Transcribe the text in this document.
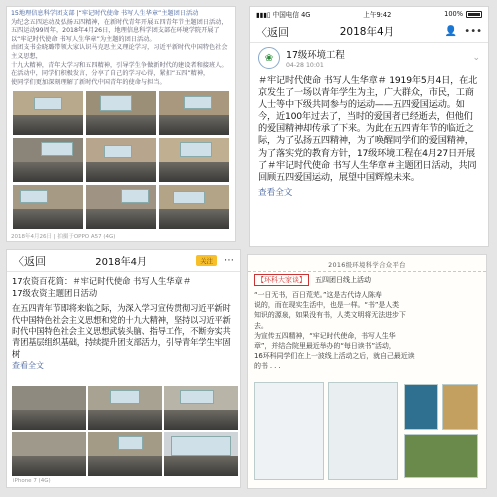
15地理信息科学团支部 |“牢记时代使命 书写人生华章”主题团日活动
为纪念五四运动及弘扬五四精神，在新时代青年开展五四青年节主题团日活动，
五四运动99周年，2018年4月26日，地理信息科学团支部在环境学院开展了
以“牢记时代使命 书写人生华章”为主题的团日活动。
由团支书金晓璐带领大家认识马克思主义理论学习，习近平新时代中国特色社会主义思想，
十九大精神，青年大学习和五四精神，引导学生争做新时代的建设者和接班人。
在活动中，同学们积极发言，分享了自己的学习心得，紧扣“五四”精神，
使同学们更加深刻理解了新时代中国青年的使命与担当。
2018年4月26日 | 拍摄于OPPO A57 (4G)
▮▮▮▯ 中国电信 4G	上午9:42	100%
〈返回	2018年4月	👤 •••
❀	17级环境工程
04-28 10:01
⌄
＃牢记时代使命 书写人生华章＃ 1919年5月4日，在北京发生了一场以青年学生为主，广大群众，市民，工商人士等中下级共同参与的运动——五四爱国运动。如今，近100年过去了，当时的爱国者已经逝去，但他们的爱国精神却传承了下来。为此在五四青年节的临近之际，为了弘扬五四精神，为了唤醒同学们的爱国精神，为了落实党的教育方针，17级环境工程在4月27日开展了＃牢记时代使命 书写人生华章＃主题团日活动，共同回顾五四爱国运动，展望中国辉煌未来。
查看全文
〈返回	2018年4月	关注	⋯
17农资百花筒：＃牢记时代使命 书写人生华章＃
17级农资主题团日活动
在五四青年节即将来临之际，为深入学习宣传贯彻习近平新时代中国特色社会主义思想和党的十九大精神，坚持以习近平新时代中国特色社会主义思想武装头脑、指导工作，不断夯实共青团基层组织基础，持续提升团支部活力，引导青年学生牢固树
查看全文
iPhone 7 (4G)
2016级环境科学合众平台
【环科大家谈】	五四团日线上活动
“一日无书，百日荒芜。”这是古代诗人陈寿
说的，而在现实生活中，也是一样。“书”是人类
知识的源泉，如果没有书，人类文明将无法进步下
去。
为宣传五四精神，“牢记时代使命，书写人生华
章”，并结合院里最近举办的“每日读书”活动，
16环科同学们在上一波线上活动之后，就自己最近读
的书 . . .
